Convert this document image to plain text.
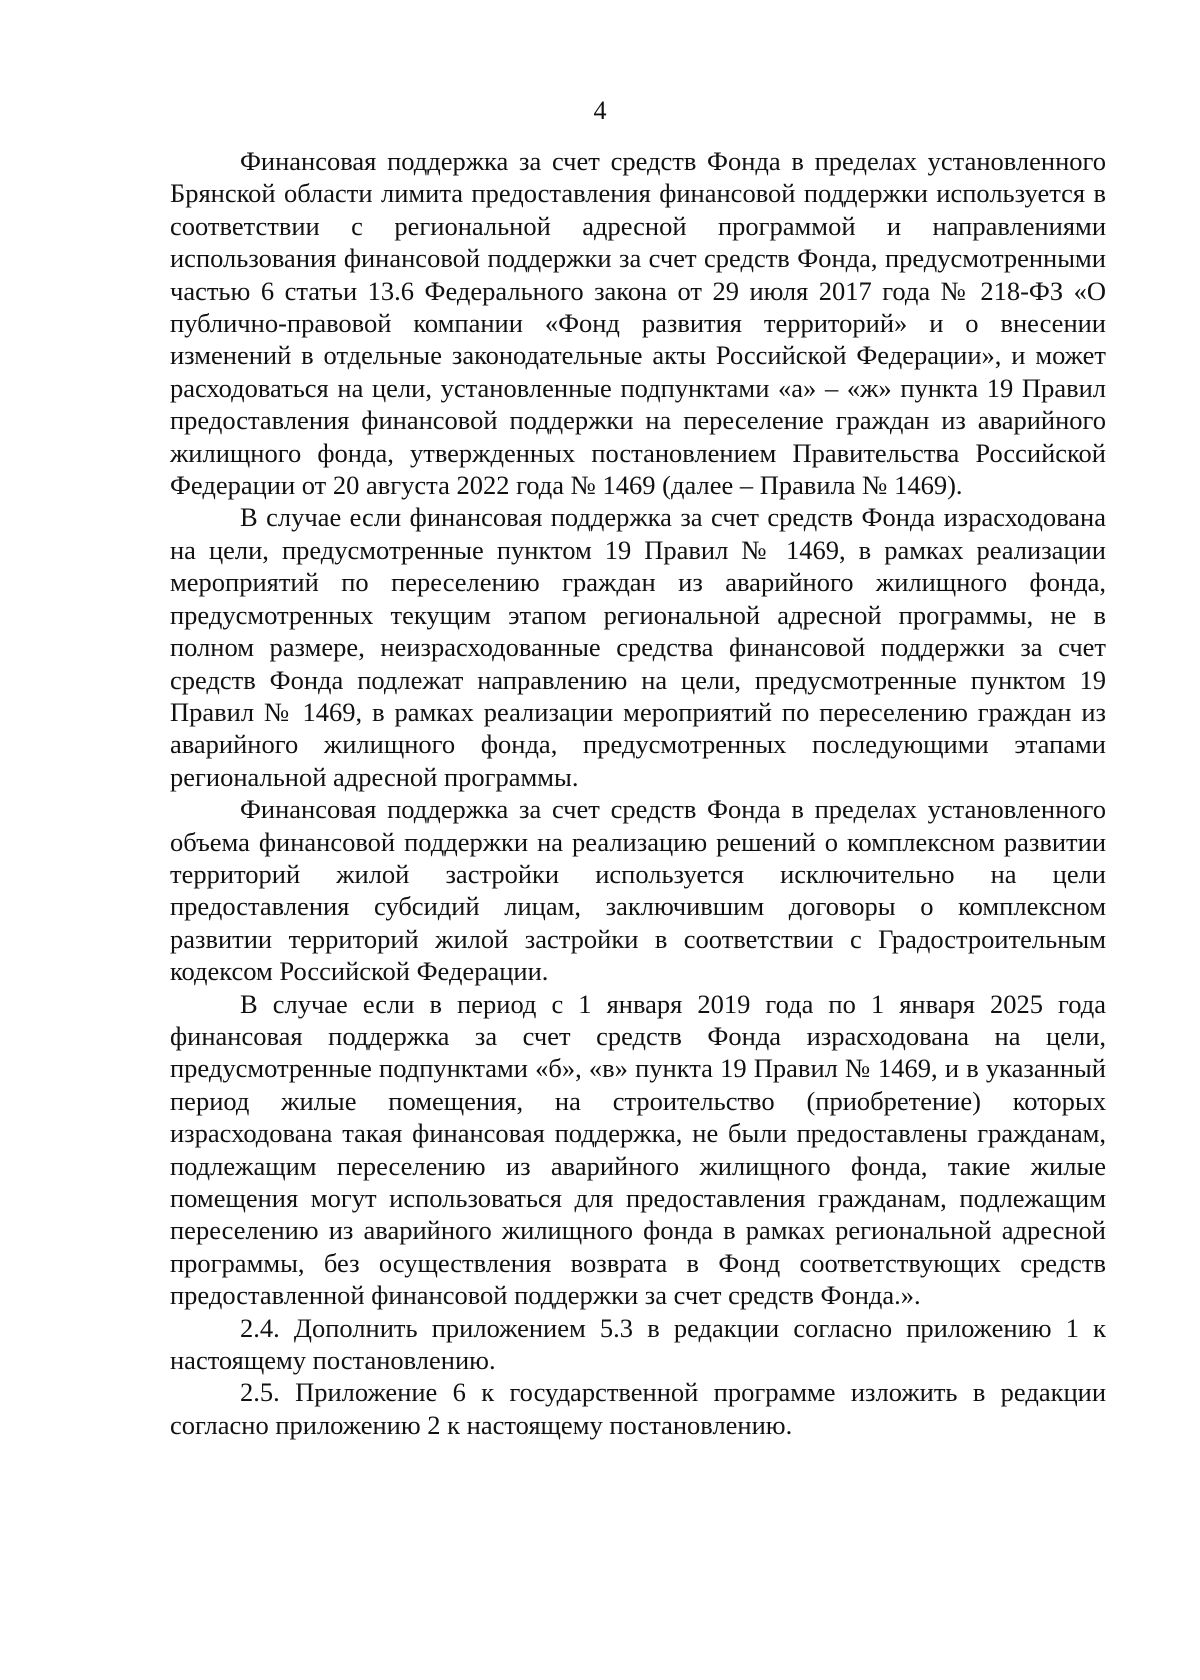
4

Финансовая поддержка за счет средств Фонда в пределах установленного Брянской области лимита предоставления финансовой поддержки используется в соответствии с региональной адресной программой и направлениями использования финансовой поддержки за счет средств Фонда, предусмотренными частью 6 статьи 13.6 Федерального закона от 29 июля 2017 года № 218-ФЗ «О публично-правовой компании «Фонд развития территорий» и о внесении изменений в отдельные законодательные акты Российской Федерации», и может расходоваться на цели, установленные подпунктами «а» – «ж» пункта 19 Правил предоставления финансовой поддержки на переселение граждан из аварийного жилищного фонда, утвержденных постановлением Правительства Российской Федерации от 20 августа 2022 года № 1469 (далее – Правила № 1469).

В случае если финансовая поддержка за счет средств Фонда израсходована на цели, предусмотренные пунктом 19 Правил № 1469, в рамках реализации мероприятий по переселению граждан из аварийного жилищного фонда, предусмотренных текущим этапом региональной адресной программы, не в полном размере, неизрасходованные средства финансовой поддержки за счет средств Фонда подлежат направлению на цели, предусмотренные пунктом 19 Правил № 1469, в рамках реализации мероприятий по переселению граждан из аварийного жилищного фонда, предусмотренных последующими этапами региональной адресной программы.

Финансовая поддержка за счет средств Фонда в пределах установленного объема финансовой поддержки на реализацию решений о комплексном развитии территорий жилой застройки используется исключительно на цели предоставления субсидий лицам, заключившим договоры о комплексном развитии территорий жилой застройки в соответствии с Градостроительным кодексом Российской Федерации.

В случае если в период с 1 января 2019 года по 1 января 2025 года финансовая поддержка за счет средств Фонда израсходована на цели, предусмотренные подпунктами «б», «в» пункта 19 Правил № 1469, и в указанный период жилые помещения, на строительство (приобретение) которых израсходована такая финансовая поддержка, не были предоставлены гражданам, подлежащим переселению из аварийного жилищного фонда, такие жилые помещения могут использоваться для предоставления гражданам, подлежащим переселению из аварийного жилищного фонда в рамках региональной адресной программы, без осуществления возврата в Фонд соответствующих средств предоставленной финансовой поддержки за счет средств Фонда.».

2.4. Дополнить приложением 5.3 в редакции согласно приложению 1 к настоящему постановлению.

2.5. Приложение 6 к государственной программе изложить в редакции согласно приложению 2 к настоящему постановлению.
